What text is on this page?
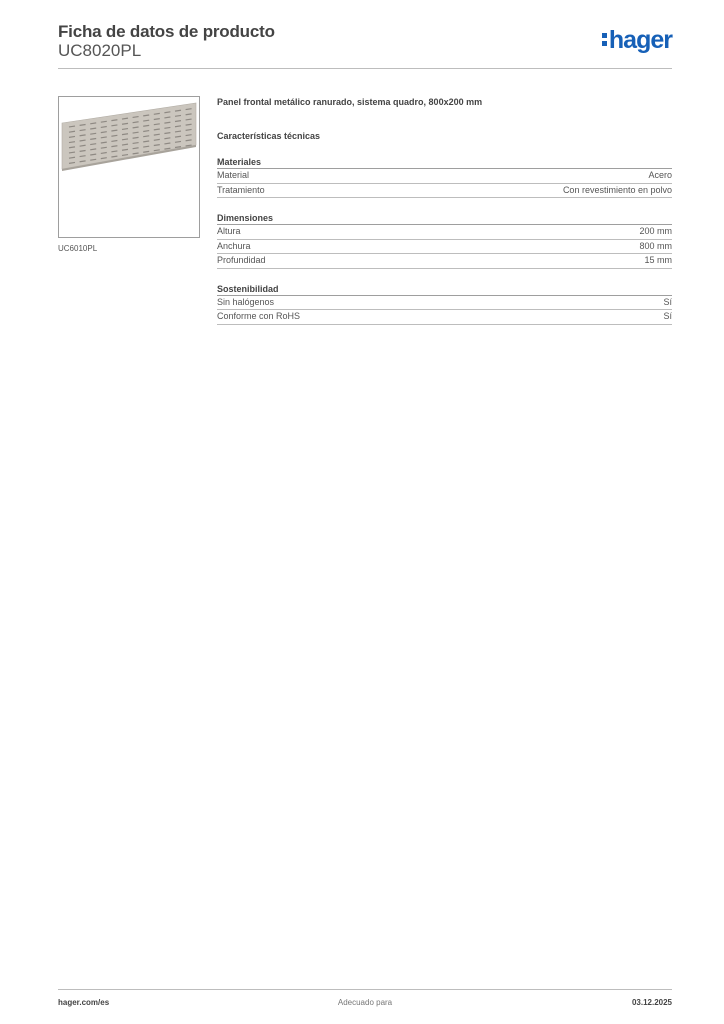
Ficha de datos de producto
UC8020PL	hager
UC6010PL
Panel frontal metálico ranurado, sistema quadro, 800x200 mm
Características técnicas
Materiales
Material	Acero
Tratamiento	Con revestimiento en polvo
Dimensiones
Altura	200 mm
Anchura	800 mm
Profundidad	15 mm
Sostenibilidad
Sin halógenos	Sí
Conforme con RoHS	Sí
hager.com/es	Adecuado para	03.12.2025
